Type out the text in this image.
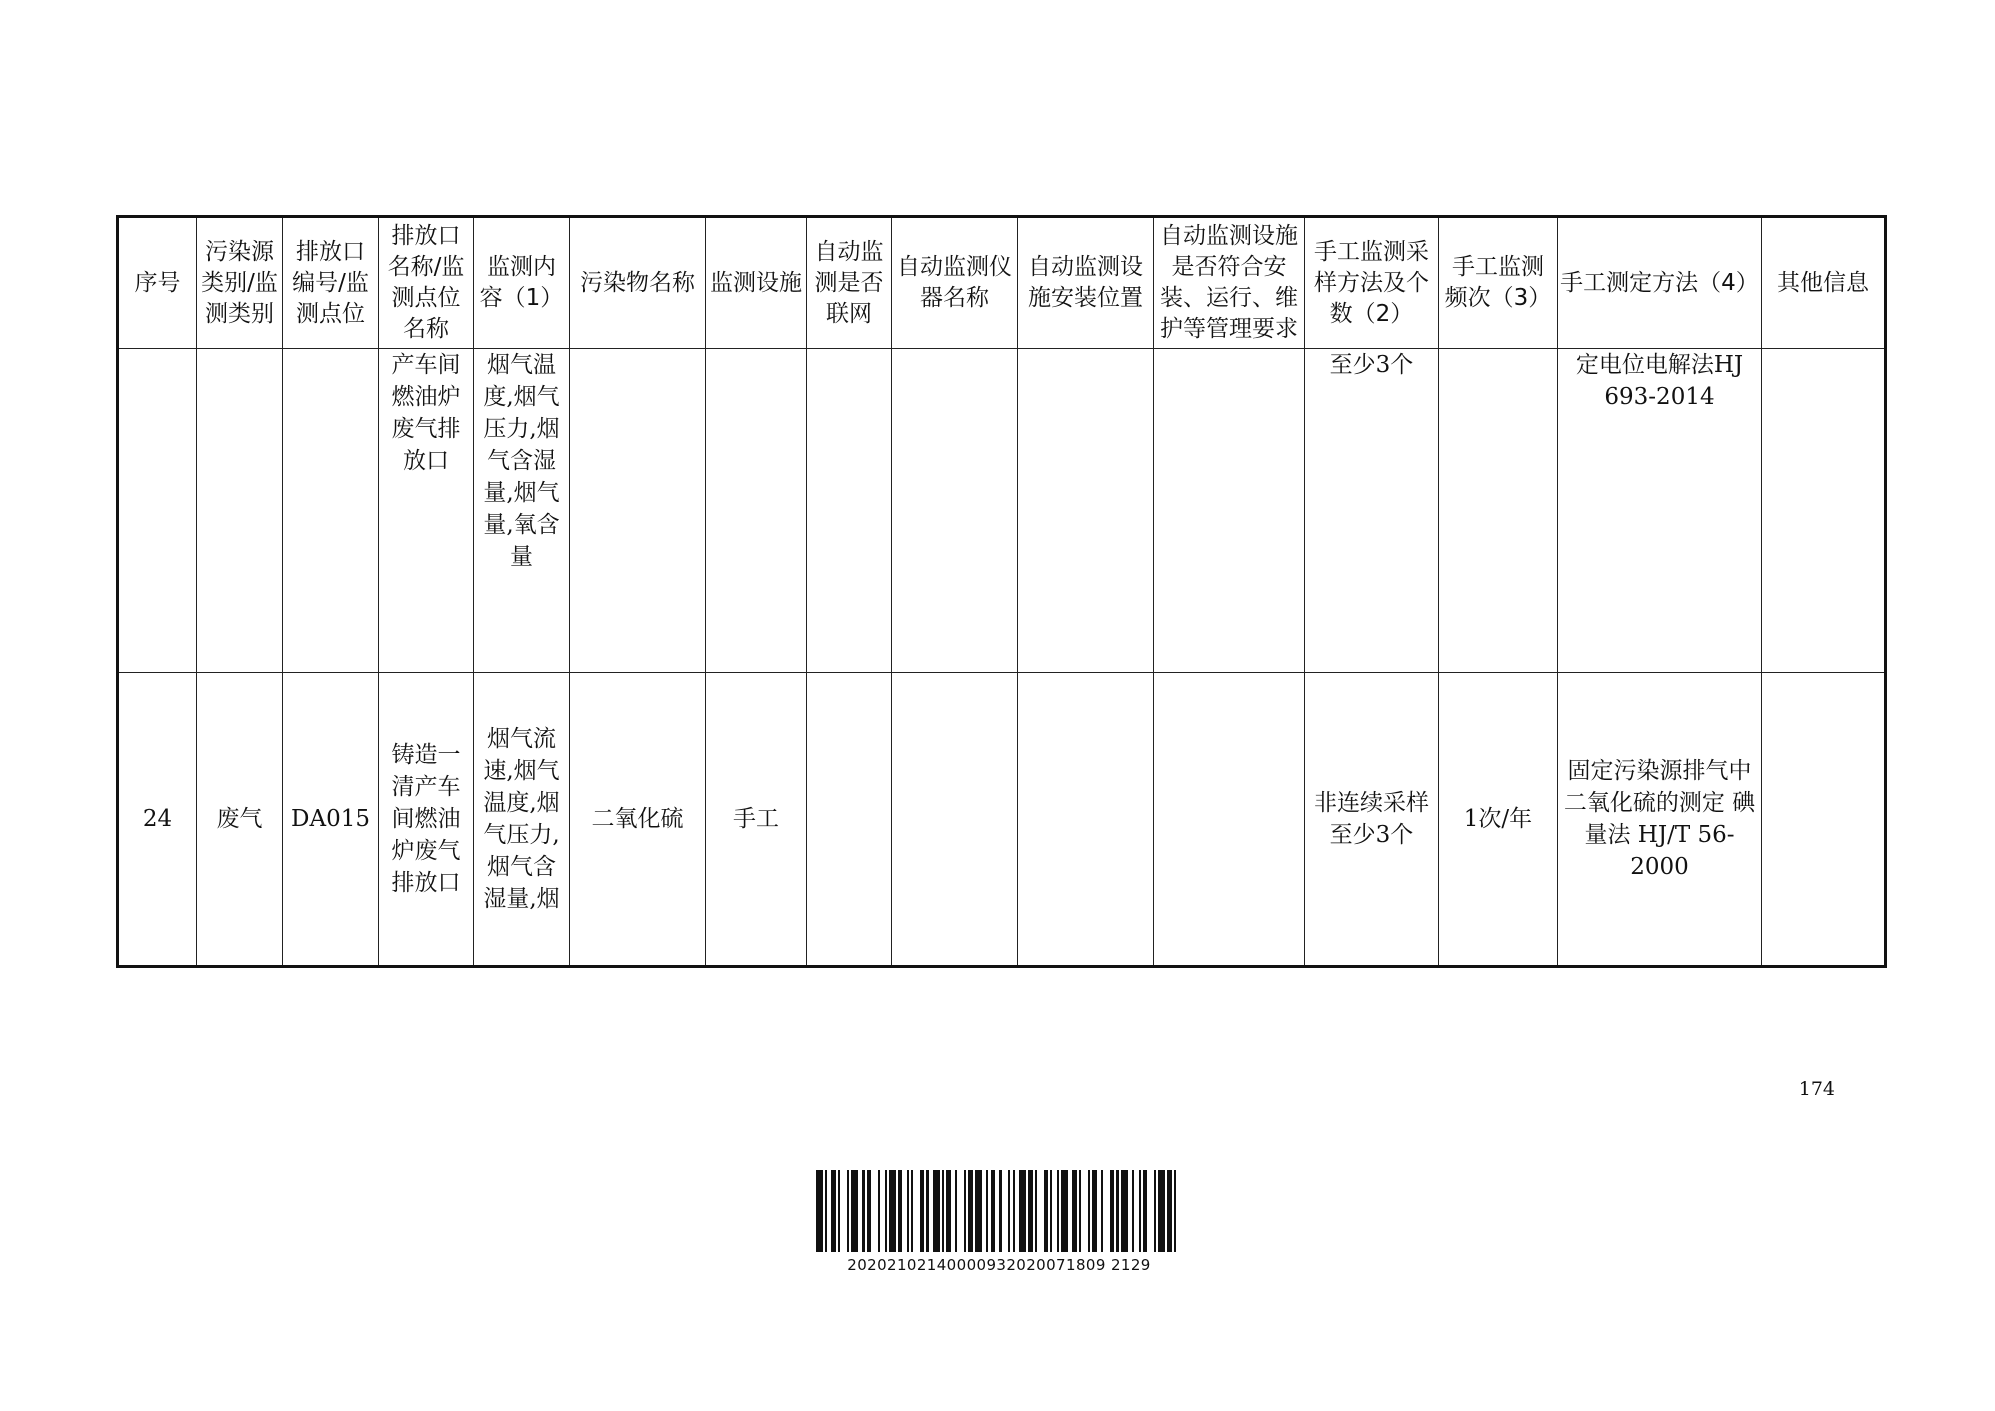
序号	污染源类别/监测类别	排放口编号/监测点位	排放口名称/监测点位名称	监测内容（1）	污染物名称	监测设施	自动监测是否联网	自动监测仪器名称	自动监测设施安装位置	自动监测设施是否符合安装、运行、维护等管理要求	手工监测采样方法及个数（2）	手工监测频次（3）	手工测定方法（4）	其他信息
			产车间燃油炉废气排放口	烟气温度,烟气压力,烟气含湿量,烟气量,氧含量							至少3个		定电位电解法HJ 693-2014	
24	废气	DA015	铸造一清产车间燃油炉废气排放口	烟气流速,烟气温度,烟气压力,烟气含湿量,烟	二氧化硫	手工					非连续采样 至少3个	1次/年	固定污染源排气中二氧化硫的测定 碘量法 HJ/T 56-2000	
174
20202102140000932020071809 2129
